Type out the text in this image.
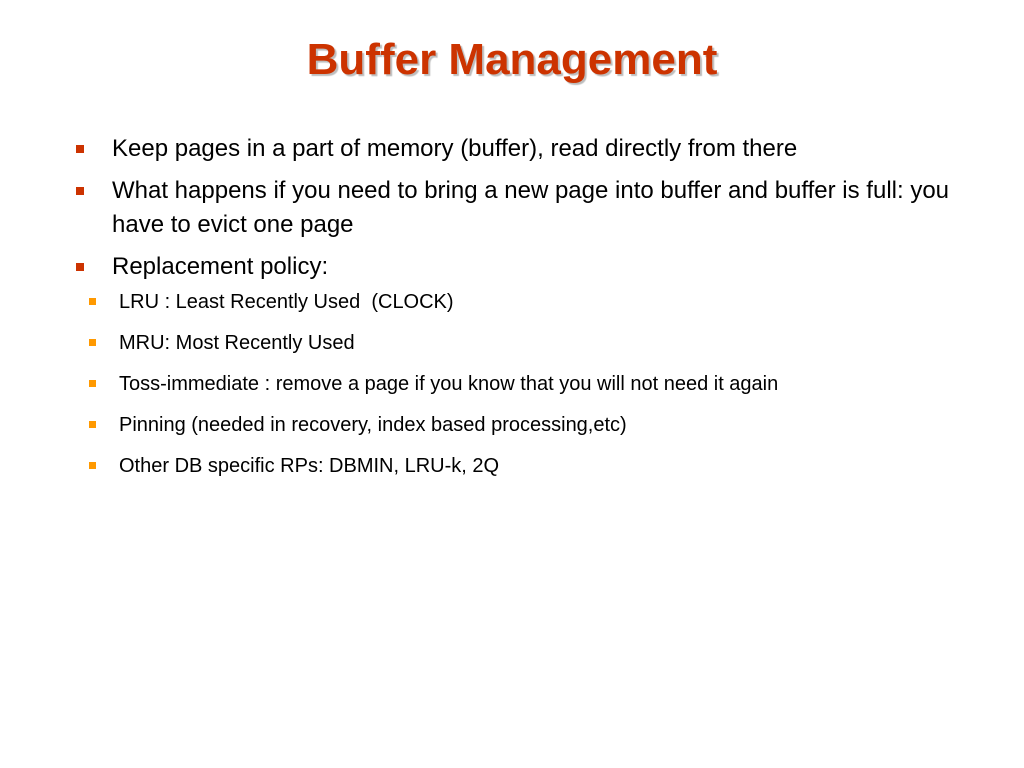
Buffer Management
Keep pages in a part of memory (buffer), read directly from there
What happens if you need to bring a new page into buffer and buffer is full: you have to evict one page
Replacement policy:
LRU : Least Recently Used  (CLOCK)
MRU: Most Recently Used
Toss-immediate : remove a page if you know that you will not need it again
Pinning (needed in recovery, index based processing,etc)
Other DB specific RPs: DBMIN, LRU-k, 2Q
